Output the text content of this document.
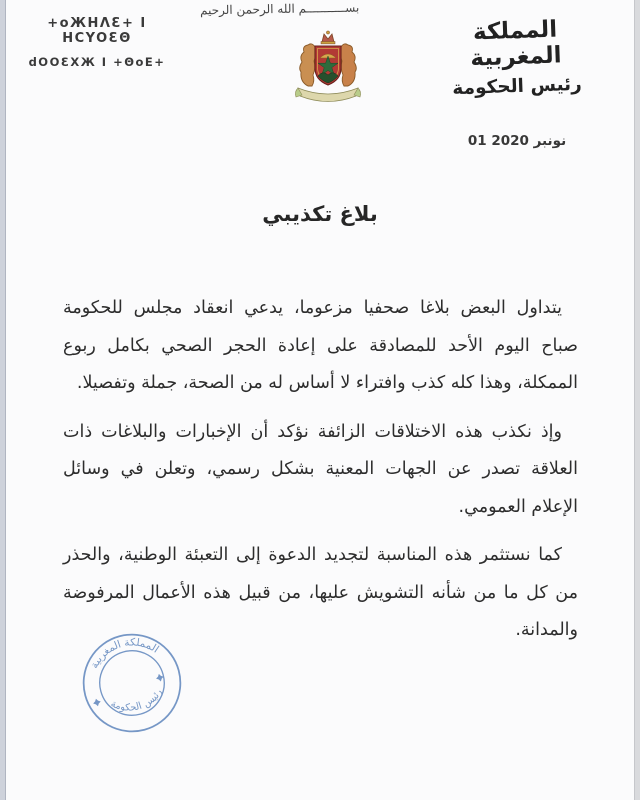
+oЖHΛƐ+ I HCYOƐΘ
dOOƐXЖ I +ΘoE+
بســـــــــــم الله الرحمن الرحيم
المملكة المغربية
رئيس الحكومة
01 نونبر 2020
بلاغ تكذيبي

يتداول البعض بلاغا صحفيا مزعوما، يدعي انعقاد مجلس للحكومة صباح اليوم الأحد للمصادقة على إعادة الحجر الصحي بكامل ربوع الممكلة، وهذا كله كذب وافتراء لا أساس له من الصحة، جملة وتفصيلا.

وإذ نكذب هذه الاختلاقات الزائفة نؤكد أن الإخبارات والبلاغات ذات العلاقة تصدر عن الجهات المعنية بشكل رسمي، وتعلن في وسائل الإعلام العمومي.

كما نستثمر هذه المناسبة لتجديد الدعوة إلى التعبئة الوطنية، والحذر من كل ما من شأنه التشويش عليها، من قبيل هذه الأعمال المرفوضة والمدانة.

المملكة المغربية
رئيس الحكومة
